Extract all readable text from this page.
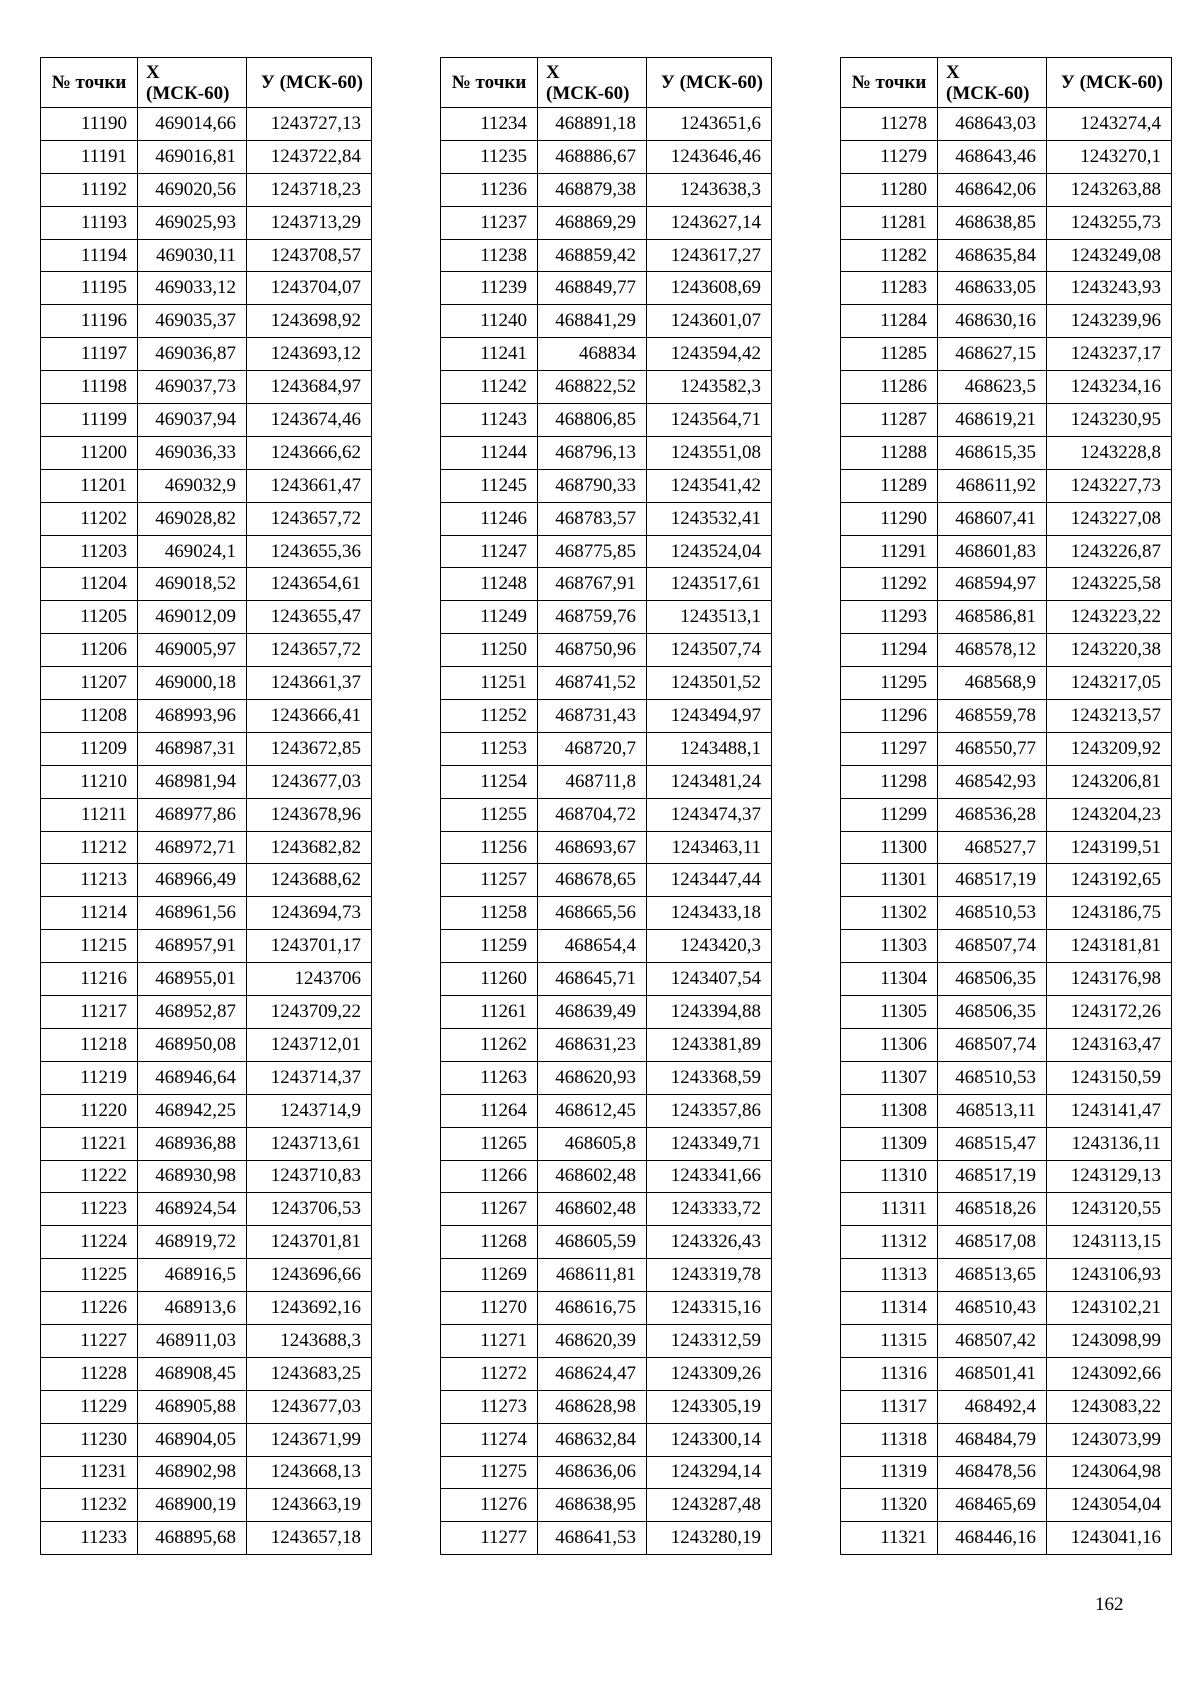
№ точки	Х (МСК-60)	У (МСК-60)
11190	469014,66	1243727,13
11191	469016,81	1243722,84
11192	469020,56	1243718,23
11193	469025,93	1243713,29
11194	469030,11	1243708,57
11195	469033,12	1243704,07
11196	469035,37	1243698,92
11197	469036,87	1243693,12
11198	469037,73	1243684,97
11199	469037,94	1243674,46
11200	469036,33	1243666,62
11201	469032,9	1243661,47
11202	469028,82	1243657,72
11203	469024,1	1243655,36
11204	469018,52	1243654,61
11205	469012,09	1243655,47
11206	469005,97	1243657,72
11207	469000,18	1243661,37
11208	468993,96	1243666,41
11209	468987,31	1243672,85
11210	468981,94	1243677,03
11211	468977,86	1243678,96
11212	468972,71	1243682,82
11213	468966,49	1243688,62
11214	468961,56	1243694,73
11215	468957,91	1243701,17
11216	468955,01	1243706
11217	468952,87	1243709,22
11218	468950,08	1243712,01
11219	468946,64	1243714,37
11220	468942,25	1243714,9
11221	468936,88	1243713,61
11222	468930,98	1243710,83
11223	468924,54	1243706,53
11224	468919,72	1243701,81
11225	468916,5	1243696,66
11226	468913,6	1243692,16
11227	468911,03	1243688,3
11228	468908,45	1243683,25
11229	468905,88	1243677,03
11230	468904,05	1243671,99
11231	468902,98	1243668,13
11232	468900,19	1243663,19
11233	468895,68	1243657,18
№ точки	Х (МСК-60)	У (МСК-60)
11234	468891,18	1243651,6
11235	468886,67	1243646,46
11236	468879,38	1243638,3
11237	468869,29	1243627,14
11238	468859,42	1243617,27
11239	468849,77	1243608,69
11240	468841,29	1243601,07
11241	468834	1243594,42
11242	468822,52	1243582,3
11243	468806,85	1243564,71
11244	468796,13	1243551,08
11245	468790,33	1243541,42
11246	468783,57	1243532,41
11247	468775,85	1243524,04
11248	468767,91	1243517,61
11249	468759,76	1243513,1
11250	468750,96	1243507,74
11251	468741,52	1243501,52
11252	468731,43	1243494,97
11253	468720,7	1243488,1
11254	468711,8	1243481,24
11255	468704,72	1243474,37
11256	468693,67	1243463,11
11257	468678,65	1243447,44
11258	468665,56	1243433,18
11259	468654,4	1243420,3
11260	468645,71	1243407,54
11261	468639,49	1243394,88
11262	468631,23	1243381,89
11263	468620,93	1243368,59
11264	468612,45	1243357,86
11265	468605,8	1243349,71
11266	468602,48	1243341,66
11267	468602,48	1243333,72
11268	468605,59	1243326,43
11269	468611,81	1243319,78
11270	468616,75	1243315,16
11271	468620,39	1243312,59
11272	468624,47	1243309,26
11273	468628,98	1243305,19
11274	468632,84	1243300,14
11275	468636,06	1243294,14
11276	468638,95	1243287,48
11277	468641,53	1243280,19
№ точки	Х (МСК-60)	У (МСК-60)
11278	468643,03	1243274,4
11279	468643,46	1243270,1
11280	468642,06	1243263,88
11281	468638,85	1243255,73
11282	468635,84	1243249,08
11283	468633,05	1243243,93
11284	468630,16	1243239,96
11285	468627,15	1243237,17
11286	468623,5	1243234,16
11287	468619,21	1243230,95
11288	468615,35	1243228,8
11289	468611,92	1243227,73
11290	468607,41	1243227,08
11291	468601,83	1243226,87
11292	468594,97	1243225,58
11293	468586,81	1243223,22
11294	468578,12	1243220,38
11295	468568,9	1243217,05
11296	468559,78	1243213,57
11297	468550,77	1243209,92
11298	468542,93	1243206,81
11299	468536,28	1243204,23
11300	468527,7	1243199,51
11301	468517,19	1243192,65
11302	468510,53	1243186,75
11303	468507,74	1243181,81
11304	468506,35	1243176,98
11305	468506,35	1243172,26
11306	468507,74	1243163,47
11307	468510,53	1243150,59
11308	468513,11	1243141,47
11309	468515,47	1243136,11
11310	468517,19	1243129,13
11311	468518,26	1243120,55
11312	468517,08	1243113,15
11313	468513,65	1243106,93
11314	468510,43	1243102,21
11315	468507,42	1243098,99
11316	468501,41	1243092,66
11317	468492,4	1243083,22
11318	468484,79	1243073,99
11319	468478,56	1243064,98
11320	468465,69	1243054,04
11321	468446,16	1243041,16
162
